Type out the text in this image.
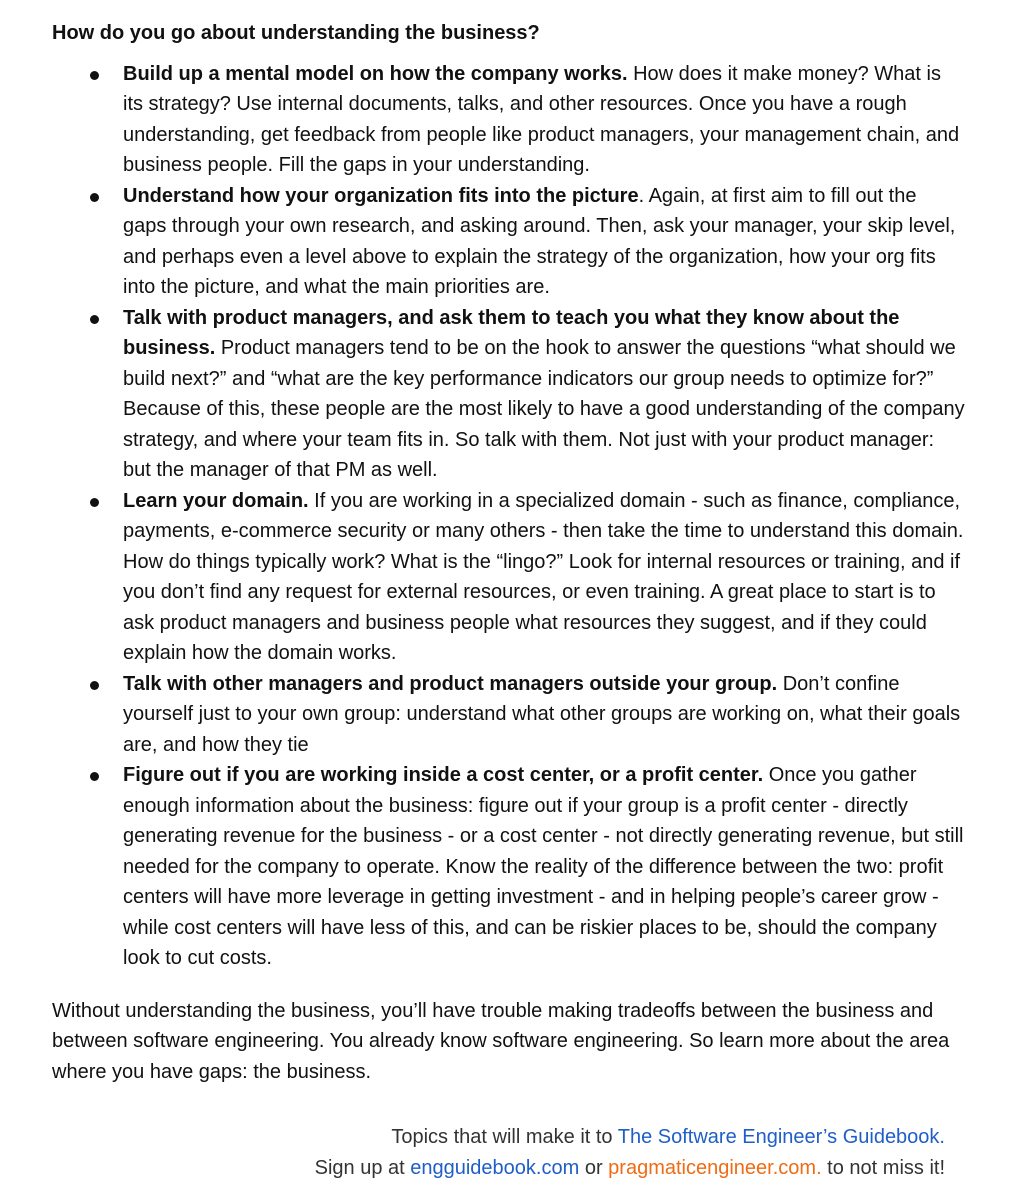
How do you go about understanding the business?
Build up a mental model on how the company works. How does it make money? What is its strategy? Use internal documents, talks, and other resources. Once you have a rough understanding, get feedback from people like product managers, your management chain, and business people. Fill the gaps in your understanding.
Understand how your organization fits into the picture. Again, at first aim to fill out the gaps through your own research, and asking around. Then, ask your manager, your skip level, and perhaps even a level above to explain the strategy of the organization, how your org fits into the picture, and what the main priorities are.
Talk with product managers, and ask them to teach you what they know about the business. Product managers tend to be on the hook to answer the questions “what should we build next?” and “what are the key performance indicators our group needs to optimize for?” Because of this, these people are the most likely to have a good understanding of the company strategy, and where your team fits in. So talk with them. Not just with your product manager: but the manager of that PM as well.
Learn your domain. If you are working in a specialized domain - such as finance, compliance, payments, e-commerce security or many others - then take the time to understand this domain. How do things typically work? What is the “lingo?” Look for internal resources or training, and if you don’t find any request for external resources, or even training. A great place to start is to ask product managers and business people what resources they suggest, and if they could explain how the domain works.
Talk with other managers and product managers outside your group. Don’t confine yourself just to your own group: understand what other groups are working on, what their goals are, and how they tie
Figure out if you are working inside a cost center, or a profit center. Once you gather enough information about the business: figure out if your group is a profit center - directly generating revenue for the business - or a cost center - not directly generating revenue, but still needed for the company to operate. Know the reality of the difference between the two: profit centers will have more leverage in getting investment - and in helping people’s career grow - while cost centers will have less of this, and can be riskier places to be, should the company look to cut costs.

Without understanding the business, you’ll have trouble making tradeoffs between the business and between software engineering. You already know software engineering. So learn more about the area where you have gaps: the business.

Topics that will make it to The Software Engineer’s Guidebook.
Sign up at engguidebook.com or pragmaticengineer.com. to not miss it!
